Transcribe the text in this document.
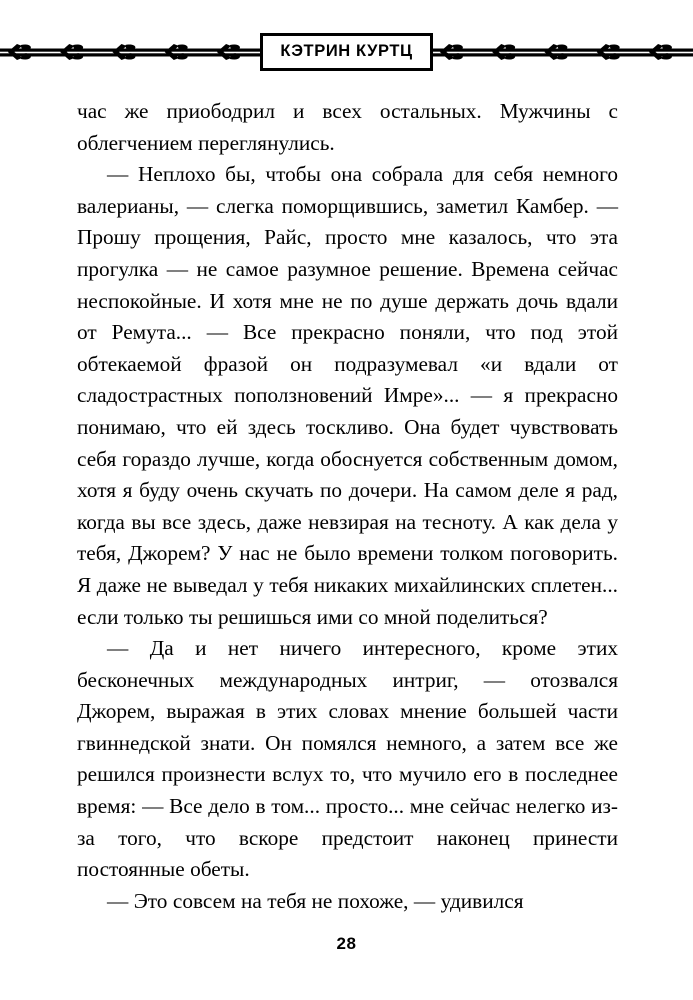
КЭТРИН КУРТЦ

час же приободрил и всех остальных. Мужчины с облегчением переглянулись.

— Неплохо бы, чтобы она собрала для себя немного валерианы, — слегка поморщившись, заметил Камбер. — Прошу прощения, Райс, просто мне казалось, что эта прогулка — не самое разумное решение. Времена сейчас неспокойные. И хотя мне не по душе держать дочь вдали от Ремута... — Все прекрасно поняли, что под этой обтекаемой фразой он подразумевал «и вдали от сладострастных поползновений Имре»... — я прекрасно понимаю, что ей здесь тоскливо. Она будет чувствовать себя гораздо лучше, когда обоснуется собственным домом, хотя я буду очень скучать по дочери. На самом деле я рад, когда вы все здесь, даже невзирая на тесноту. А как дела у тебя, Джорем? У нас не было времени толком поговорить. Я даже не выведал у тебя никаких михайлинских сплетен... если только ты решишься ими со мной поделиться?

— Да и нет ничего интересного, кроме этих бесконечных международных интриг, — отозвался Джорем, выражая в этих словах мнение большей части гвиннедской знати. Он помялся немного, а затем все же решился произнести вслух то, что мучило его в последнее время: — Все дело в том... просто... мне сейчас нелегко из-за того, что вскоре предстоит наконец принести постоянные обеты.

— Это совсем на тебя не похоже, — удивился

28
